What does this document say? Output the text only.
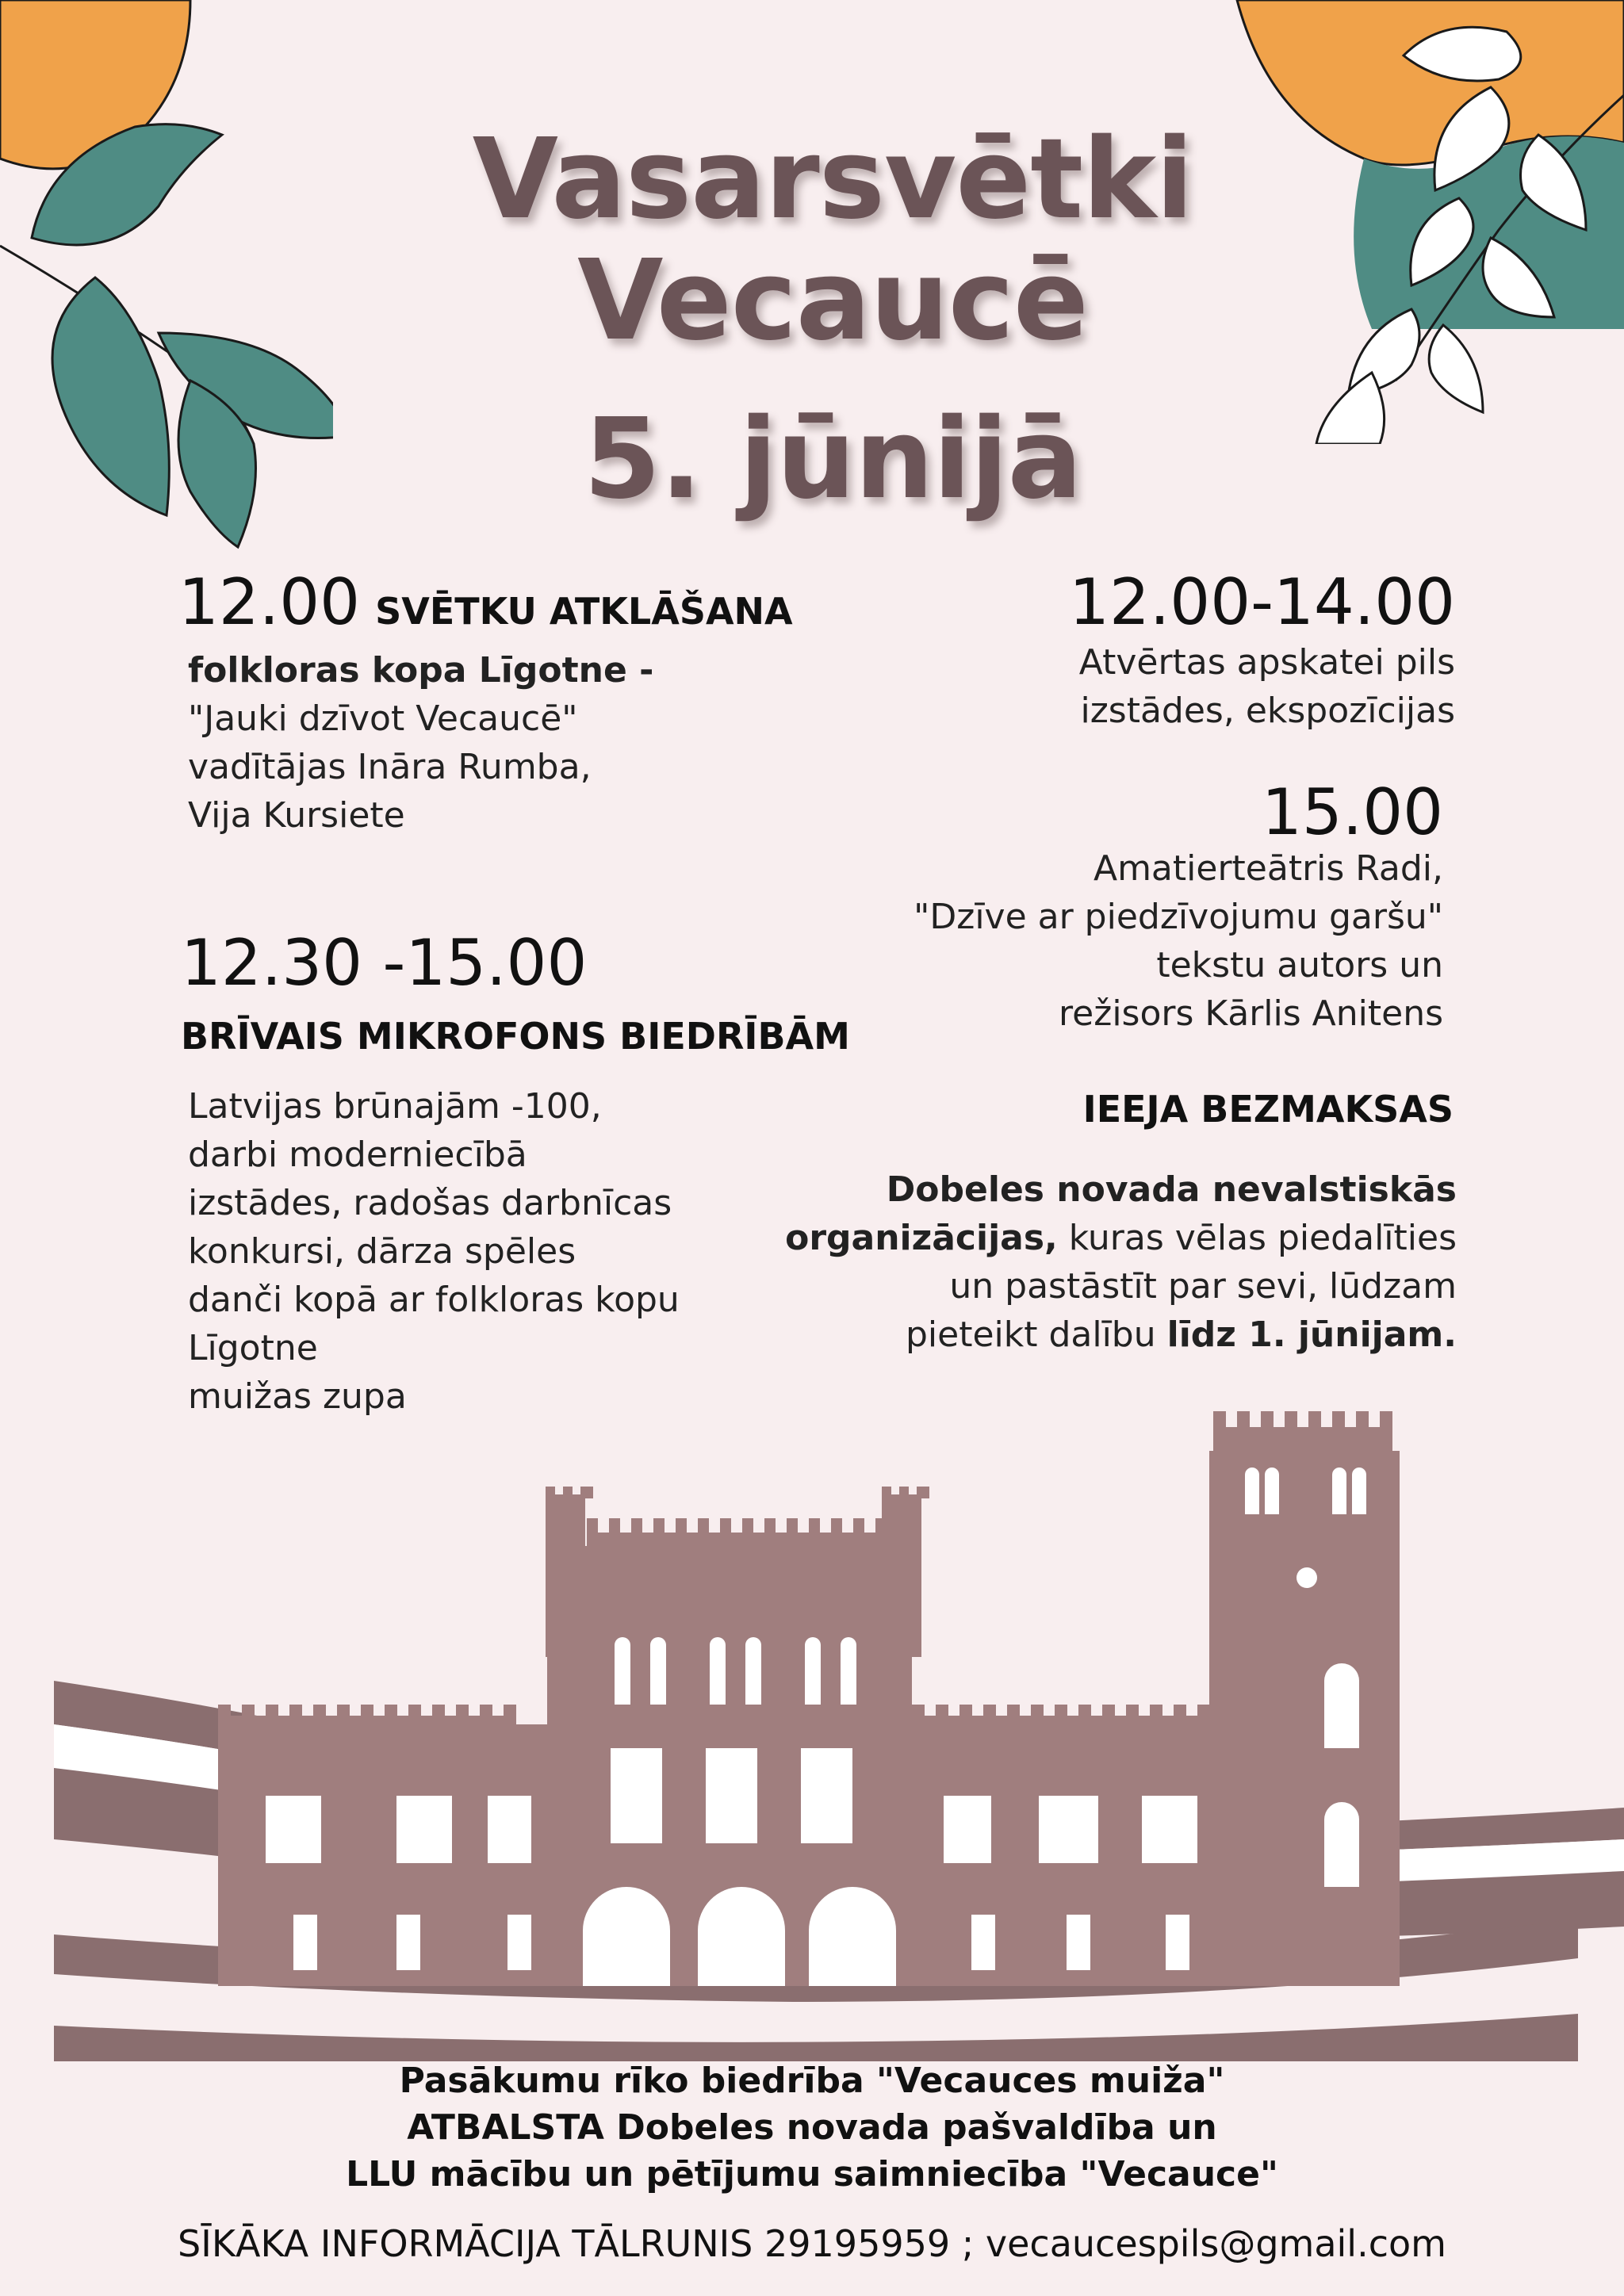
Vasarsvētki
Vecaucē
5. jūnijā
12.00 SVĒTKU ATKLĀŠANA
folkloras kopa Līgotne -
"Jauki dzīvot Vecaucē"
vadītājas Ināra Rumba,
Vija Kursiete
12.30 -15.00
BRĪVAIS MIKROFONS BIEDRĪBĀM
Latvijas brūnajām -100,
darbi moderniecībā
izstādes, radošas darbnīcas
konkursi, dārza spēles
danči kopā ar folkloras kopu
Līgotne
muižas zupa
12.00-14.00
Atvērtas apskatei pils
izstādes, ekspozīcijas
15.00
Amatierteātris Radi,
"Dzīve ar piedzīvojumu garšu"
tekstu autors un
režisors Kārlis Anitens
IEEJA BEZMAKSAS
Dobeles novada nevalstiskās
organizācijas, kuras vēlas piedalīties
un pastāstīt par sevi, lūdzam
pieteikt dalību līdz 1. jūnijam.
Pasākumu rīko biedrība "Vecauces muiža"
ATBALSTA Dobeles novada pašvaldība un
LLU mācību un pētījumu saimniecība "Vecauce"
SĪKĀKA INFORMĀCIJA TĀLRUNIS 29195959 ; vecaucespils@gmail.com
